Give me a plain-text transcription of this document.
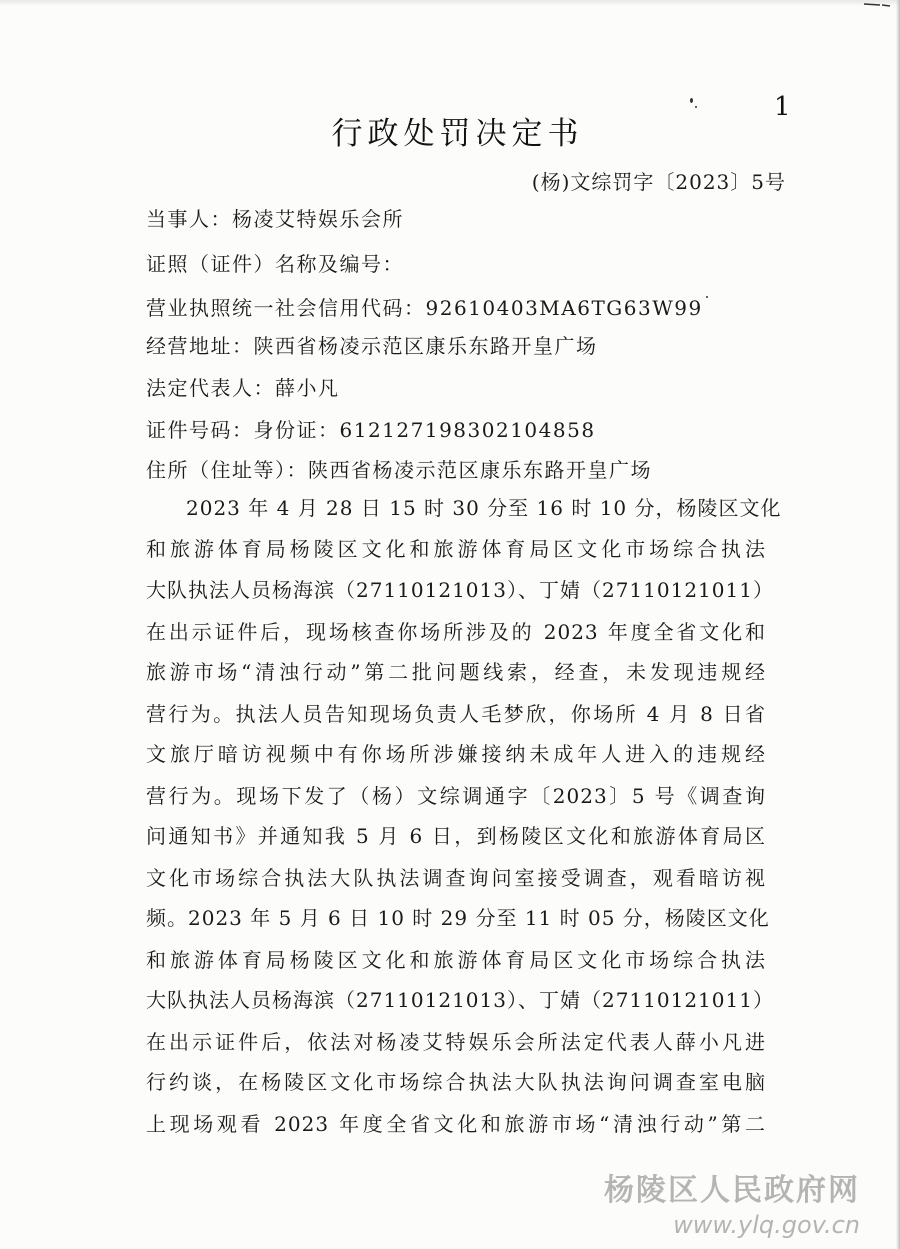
1
行政处罚决定书
(杨)文综罚字〔2023〕5号
当事人：杨凌艾特娱乐会所
证照（证件）名称及编号：
营业执照统一社会信用代码：92610403MA6TG63W99
经营地址：陕西省杨凌示范区康乐东路开皇广场
法定代表人：薛小凡
证件号码：身份证：612127198302104858
住所（住址等）：陕西省杨凌示范区康乐东路开皇广场
2023 年 4 月 28 日 15 时 30 分至 16 时 10 分，杨陵区文化
和旅游体育局杨陵区文化和旅游体育局区文化市场综合执法
大队执法人员杨海滨（27110121013）、丁婧（27110121011）
在出示证件后，现场核查你场所涉及的 2023 年度全省文化和
旅游市场“清浊行动”第二批问题线索，经查，未发现违规经
营行为。执法人员告知现场负责人毛梦欣，你场所 4 月 8 日省
文旅厅暗访视频中有你场所涉嫌接纳未成年人进入的违规经
营行为。现场下发了（杨）文综调通字〔2023〕5 号《调查询
问通知书》并通知我 5 月 6 日，到杨陵区文化和旅游体育局区
文化市场综合执法大队执法调查询问室接受调查，观看暗访视
频。2023 年 5 月 6 日 10 时 29 分至 11 时 05 分，杨陵区文化
和旅游体育局杨陵区文化和旅游体育局区文化市场综合执法
大队执法人员杨海滨（27110121013）、丁婧（27110121011）
在出示证件后，依法对杨凌艾特娱乐会所法定代表人薛小凡进
行约谈，在杨陵区文化市场综合执法大队执法询问调查室电脑
上现场观看 2023 年度全省文化和旅游市场“清浊行动”第二
杨陵区人民政府网
www.ylq.gov.cn
